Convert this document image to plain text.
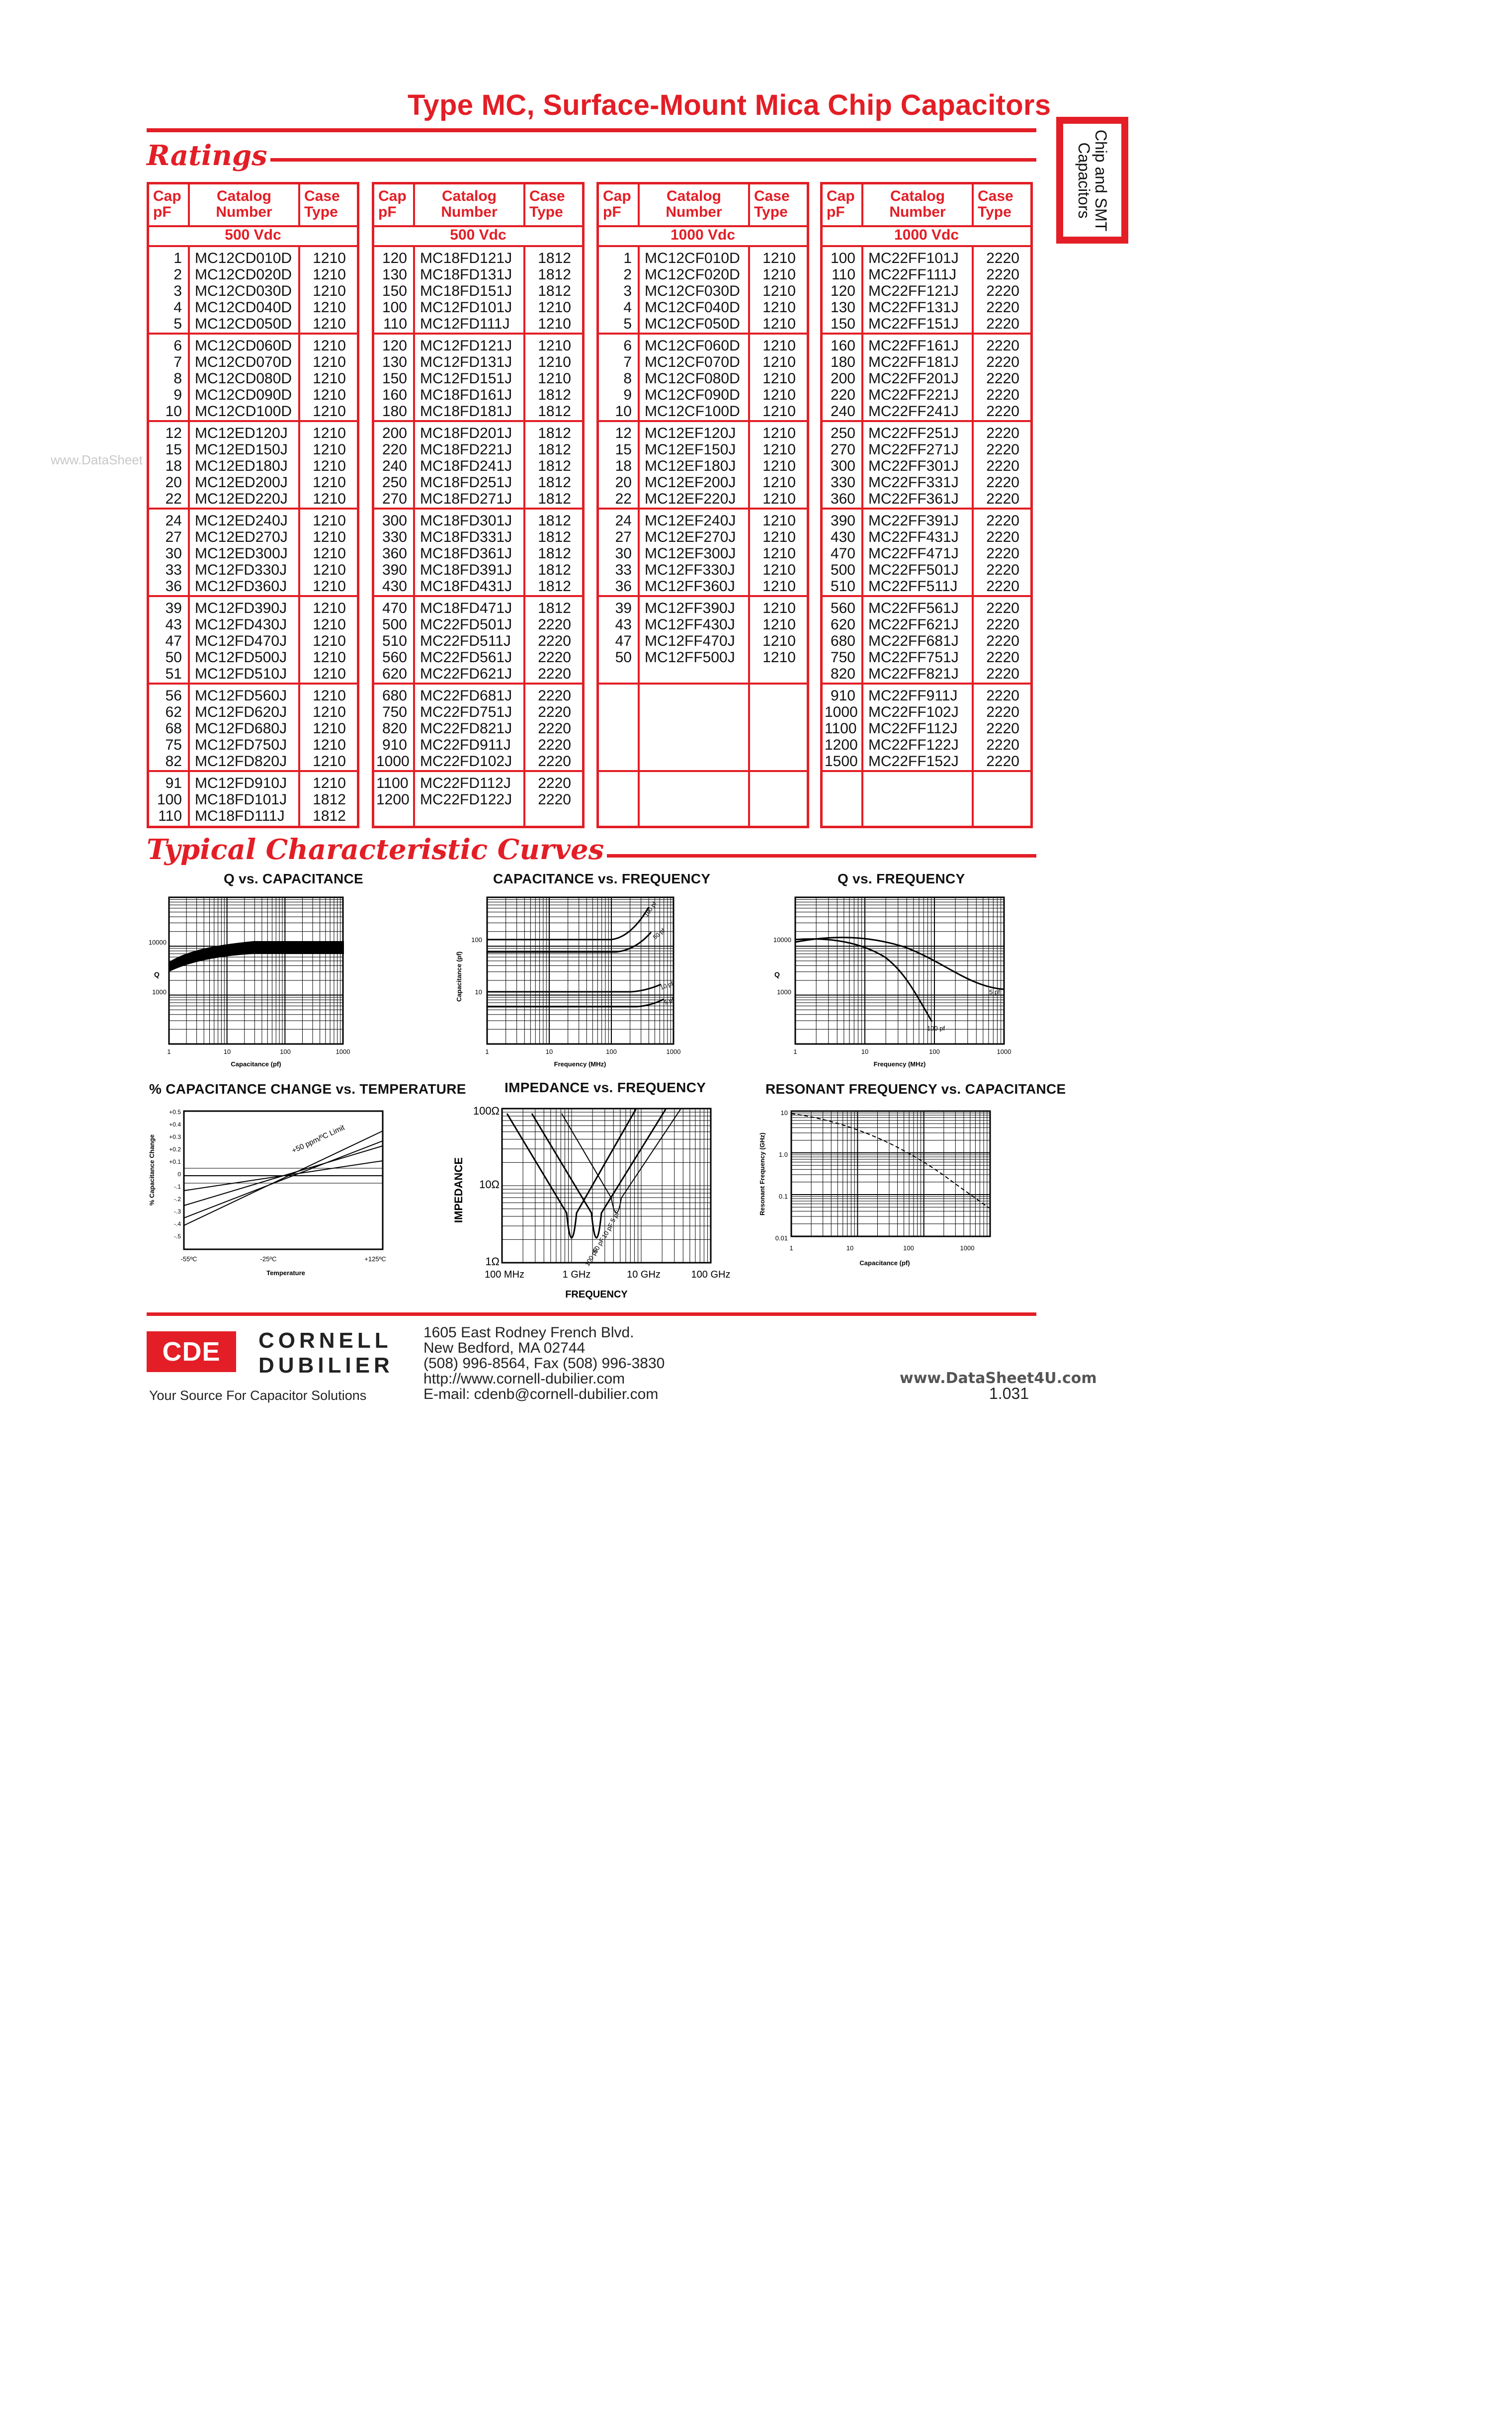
Type MC, Surface-Mount Mica Chip Capacitors
Chip and SMT
Capacitors
www.DataSheet
Ratings
Cap
pF
Catalog
Number
Case
Type
500 Vdc
1 MC12CD010D 1210
2 MC12CD020D 1210
3 MC12CD030D 1210
4 MC12CD040D 1210
5 MC12CD050D 1210
6 MC12CD060D 1210
7 MC12CD070D 1210
8 MC12CD080D 1210
9 MC12CD090D 1210
10 MC12CD100D 1210
12 MC12ED120J 1210
15 MC12ED150J 1210
18 MC12ED180J 1210
20 MC12ED200J 1210
22 MC12ED220J 1210
24 MC12ED240J 1210
27 MC12ED270J 1210
30 MC12ED300J 1210
33 MC12FD330J 1210
36 MC12FD360J 1210
39 MC12FD390J 1210
43 MC12FD430J 1210
47 MC12FD470J 1210
50 MC12FD500J 1210
51 MC12FD510J 1210
56 MC12FD560J 1210
62 MC12FD620J 1210
68 MC12FD680J 1210
75 MC12FD750J 1210
82 MC12FD820J 1210
91 MC12FD910J 1210
100 MC18FD101J 1812
110 MC18FD111J 1812
Cap
pF
Catalog
Number
Case
Type
500 Vdc
120 MC18FD121J 1812
130 MC18FD131J 1812
150 MC18FD151J 1812
100 MC12FD101J 1210
110 MC12FD111J 1210
120 MC12FD121J 1210
130 MC12FD131J 1210
150 MC12FD151J 1210
160 MC18FD161J 1812
180 MC18FD181J 1812
200 MC18FD201J 1812
220 MC18FD221J 1812
240 MC18FD241J 1812
250 MC18FD251J 1812
270 MC18FD271J 1812
300 MC18FD301J 1812
330 MC18FD331J 1812
360 MC18FD361J 1812
390 MC18FD391J 1812
430 MC18FD431J 1812
470 MC18FD471J 1812
500 MC22FD501J 2220
510 MC22FD511J 2220
560 MC22FD561J 2220
620 MC22FD621J 2220
680 MC22FD681J 2220
750 MC22FD751J 2220
820 MC22FD821J 2220
910 MC22FD911J 2220
1000 MC22FD102J 2220
1100 MC22FD112J 2220
1200 MC22FD122J 2220
Cap
pF
Catalog
Number
Case
Type
1000 Vdc
1 MC12CF010D 1210
2 MC12CF020D 1210
3 MC12CF030D 1210
4 MC12CF040D 1210
5 MC12CF050D 1210
6 MC12CF060D 1210
7 MC12CF070D 1210
8 MC12CF080D 1210
9 MC12CF090D 1210
10 MC12CF100D 1210
12 MC12EF120J 1210
15 MC12EF150J 1210
18 MC12EF180J 1210
20 MC12EF200J 1210
22 MC12EF220J 1210
24 MC12EF240J 1210
27 MC12EF270J 1210
30 MC12EF300J 1210
33 MC12FF330J 1210
36 MC12FF360J 1210
39 MC12FF390J 1210
43 MC12FF430J 1210
47 MC12FF470J 1210
50 MC12FF500J 1210
Cap
pF
Catalog
Number
Case
Type
1000 Vdc
100 MC22FF101J 2220
110 MC22FF111J 2220
120 MC22FF121J 2220
130 MC22FF131J 2220
150 MC22FF151J 2220
160 MC22FF161J 2220
180 MC22FF181J 2220
200 MC22FF201J 2220
220 MC22FF221J 2220
240 MC22FF241J 2220
250 MC22FF251J 2220
270 MC22FF271J 2220
300 MC22FF301J 2220
330 MC22FF331J 2220
360 MC22FF361J 2220
390 MC22FF391J 2220
430 MC22FF431J 2220
470 MC22FF471J 2220
500 MC22FF501J 2220
510 MC22FF511J 2220
560 MC22FF561J 2220
620 MC22FF621J 2220
680 MC22FF681J 2220
750 MC22FF751J 2220
820 MC22FF821J 2220
910 MC22FF911J 2220
1000 MC22FF102J 2220
1100 MC22FF112J 2220
1200 MC22FF122J 2220
1500 MC22FF152J 2220
Typical Characteristic Curves
Q vs. CAPACITANCE	CAPACITANCE vs. FREQUENCY	Q vs. FREQUENCY
% CAPACITANCE CHANGE vs. TEMPERATURE	IMPEDANCE vs. FREQUENCY	RESONANT FREQUENCY vs. CAPACITANCE
10000
1000
Q
1	10	100	1000
Capacitance (pf)
100 pf
50 pf
10 pf
5 pf
100
10
Capacitance (pf)
1	10	100	1000
Frequency (MHz)
5 pf
100 pf
10000
1000
Q
1	10	100	1000
Frequency (MHz)
+50 ppm/ºC Limit
+0.5
+0.4
+0.3
+0.2
+0.1
0
-.1
-.2
-.3
-.4
-.5
% Capacitance Change
-55ºC	-25ºC	+125ºC
Temperature
5 pF
10 pF
50 pF
100 pF
100Ω
10Ω
1Ω
IMPEDANCE
100 MHz	1 GHz	10 GHz	100 GHz
FREQUENCY
10
1.0
0.1
0.01
Resonant Frequency (GHz)
1	10	100	1000
Capacitance (pf)
CDE	CORNELL
DUBILIER
Your Source For Capacitor Solutions
1605 East Rodney French Blvd.
New Bedford, MA 02744
(508) 996-8564, Fax (508) 996-3830
http://www.cornell-dubilier.com
E-mail: cdenb@cornell-dubilier.com
www.DataSheet4U.com
1.031
